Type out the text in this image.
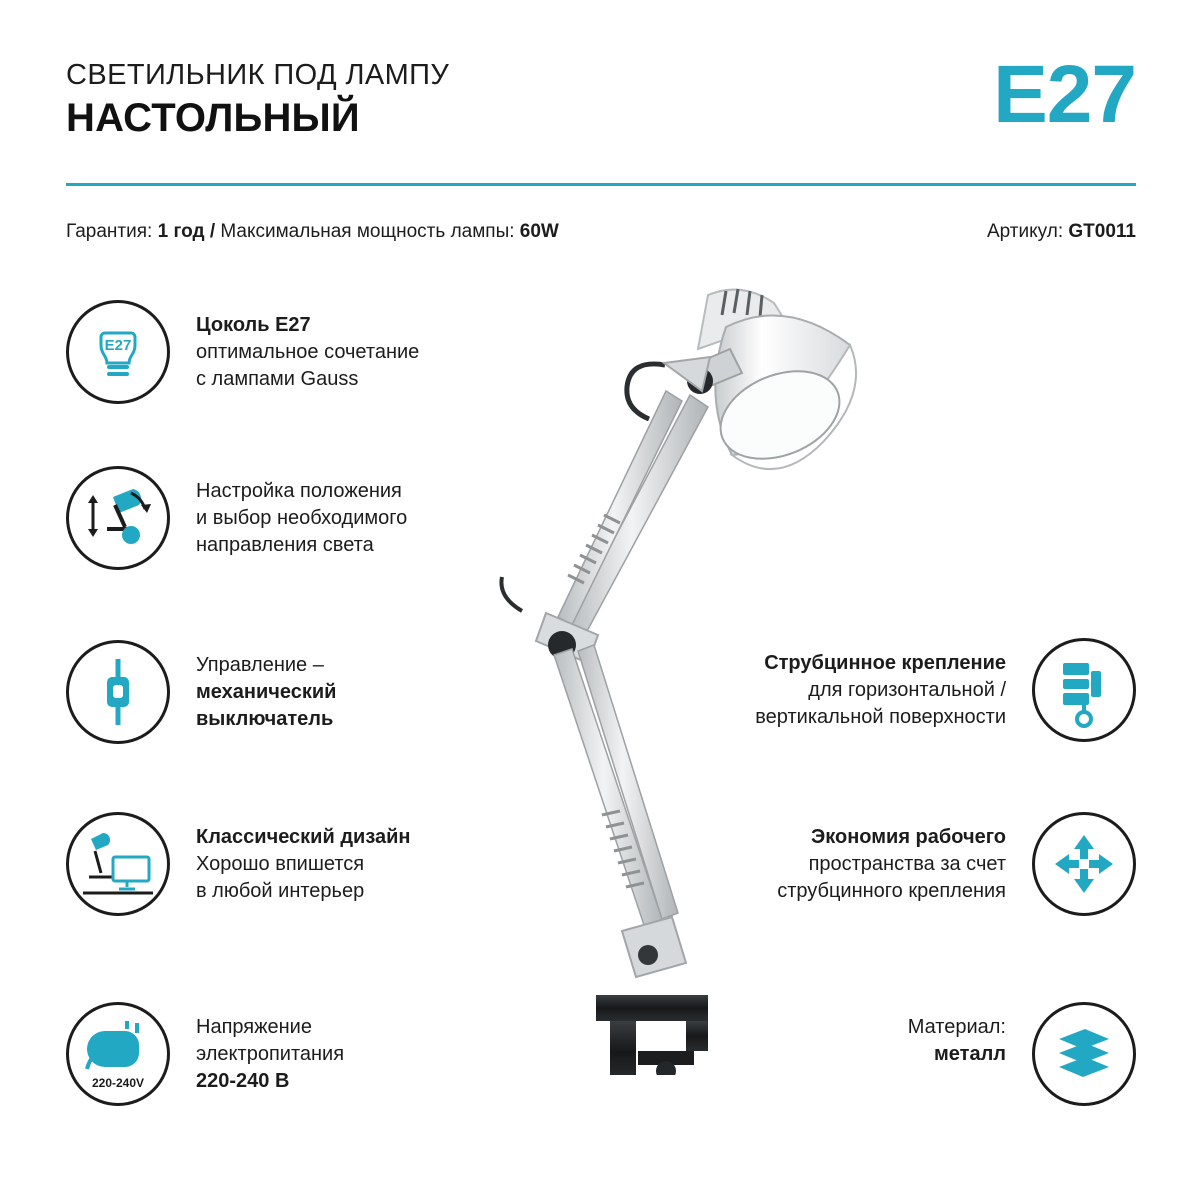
СВЕТИЛЬНИК ПОД ЛАМПУ
НАСТОЛЬНЫЙ	E27
Гарантия: 1 год / Максимальная мощность лампы: 60W	Артикул: GT0011
E27
Цоколь E27
оптимальное сочетание
с лампами Gauss
Настройка положения
и выбор необходимого
направления света
Управление –
механический
выключатель
Классический дизайн
Хорошо впишется
в любой интерьер
220-240V
Напряжение
электропитания
220-240 В
Струбцинное крепление
для горизонтальной /
вертикальной поверхности
Экономия рабочего
пространства за счет
струбцинного крепления
Материал:
металл
